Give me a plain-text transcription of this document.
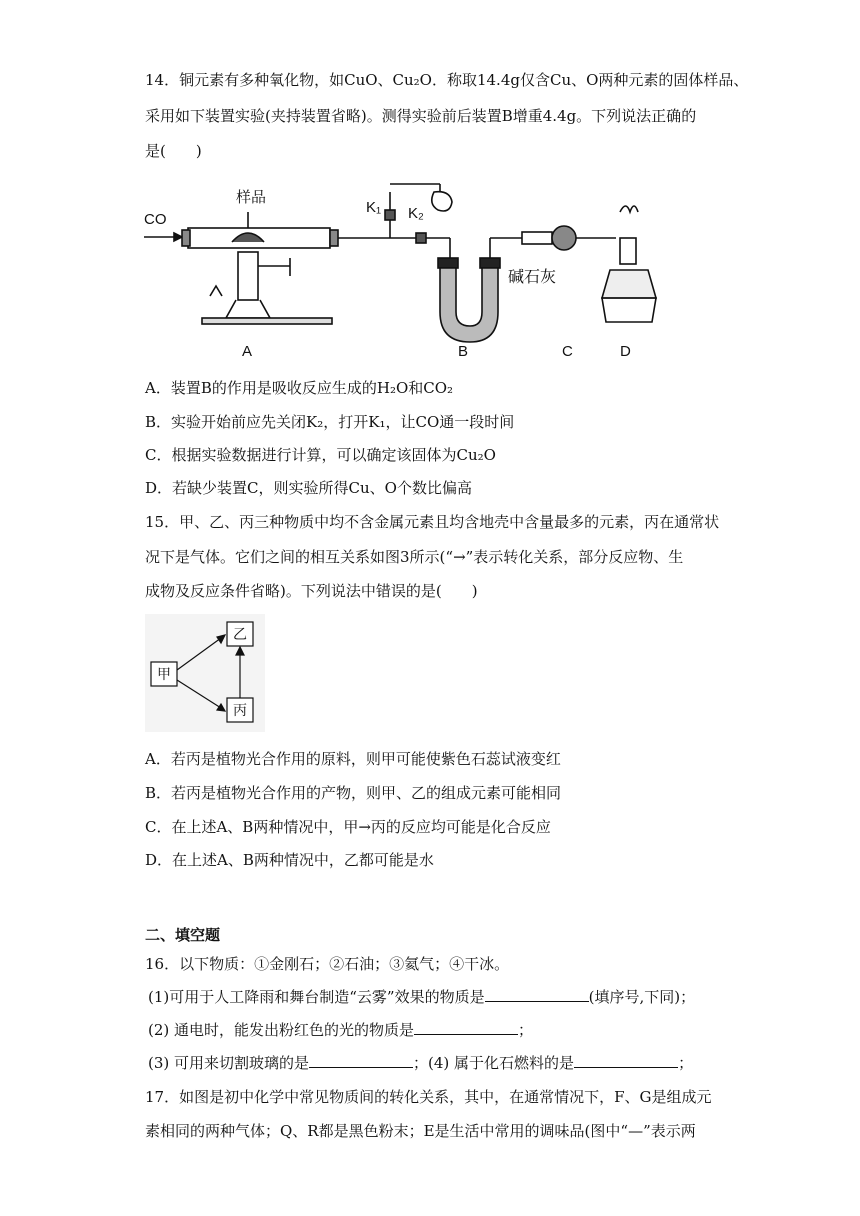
14．铜元素有多种氧化物，如CuO、Cu₂O．称取14.4g仅含Cu、O两种元素的固体样品、
采用如下装置实验(夹持装置省略)。测得实验前后装置B增重4.4g。下列说法正确的
是(　　)
CO
样品
K₁ K₂
碱石灰
A	B	C	D
A．装置B的作用是吸收反应生成的H₂O和CO₂
B．实验开始前应先关闭K₂，打开K₁，让CO通一段时间
C．根据实验数据进行计算，可以确定该固体为Cu₂O
D．若缺少装置C，则实验所得Cu、O个数比偏高
15．甲、乙、丙三种物质中均不含金属元素且均含地壳中含量最多的元素，丙在通常状
况下是气体。它们之间的相互关系如图3所示(“→”表示转化关系，部分反应物、生
成物及反应条件省略)。下列说法中错误的是(　　)
甲
乙
丙
A．若丙是植物光合作用的原料，则甲可能使紫色石蕊试液变红
B．若丙是植物光合作用的产物，则甲、乙的组成元素可能相同
C．在上述A、B两种情况中，甲→丙的反应均可能是化合反应
D．在上述A、B两种情况中，乙都可能是水
二、填空题
16．以下物质：①金刚石；②石油；③氦气；④干冰。
(1)可用于人工降雨和舞台制造“云雾”效果的物质是	(填序号,下同)；
(2) 通电时，能发出粉红色的光的物质是	；
(3) 可用来切割玻璃的是	；(4) 属于化石燃料的是	；
17．如图是初中化学中常见物质间的转化关系，其中，在通常情况下，F、G是组成元
素相同的两种气体；Q、R都是黑色粉末；E是生活中常用的调味品(图中“—”表示两
